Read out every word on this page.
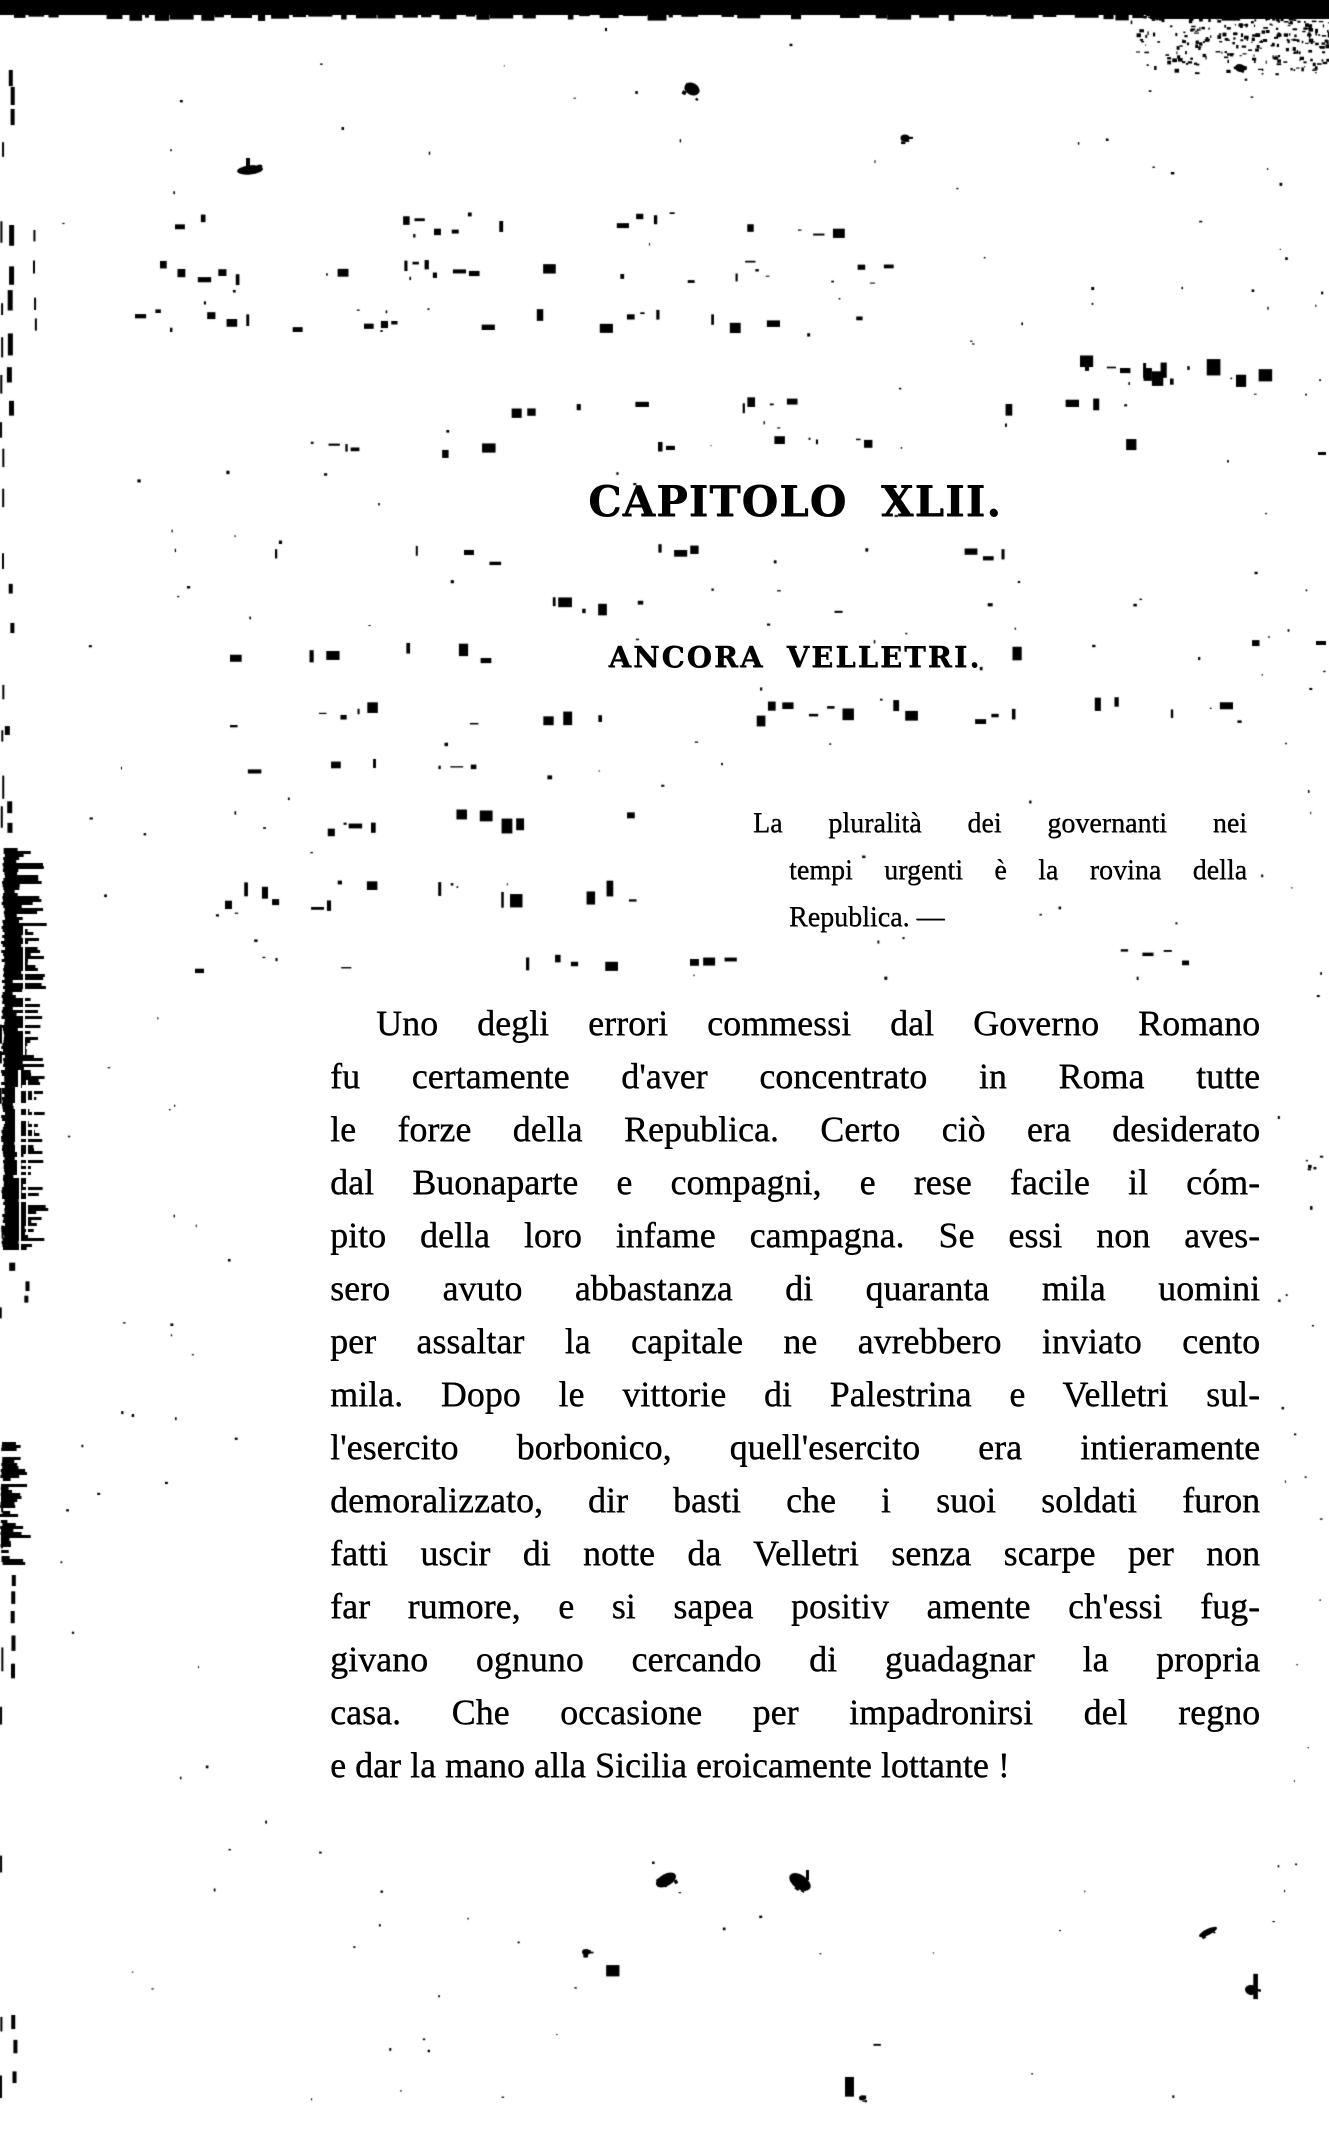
CAPITOLO XLII.
ANCORA VELLETRI.
La pluralità dei governanti nei
tempi urgenti è la rovina della
Republica. —
Uno degli errori commessi dal Governo Romano
fu certamente d'aver concentrato in Roma tutte
le forze della Republica. Certo ciò era desiderato
dal Buonaparte e compagni, e rese facile il cóm-
pito della loro infame campagna. Se essi non aves-
sero avuto abbastanza di quaranta mila uomini
per assaltar la capitale ne avrebbero inviato cento
mila. Dopo le vittorie di Palestrina e Velletri sul-
l'esercito borbonico, quell'esercito era intieramente
demoralizzato, dir basti che i suoi soldati furon
fatti uscir di notte da Velletri senza scarpe per non
far rumore, e si sapea positiv amente ch'essi fug-
givano ognuno cercando di guadagnar la propria
casa. Che occasione per impadronirsi del regno
e dar la mano alla Sicilia eroicamente lottante !
